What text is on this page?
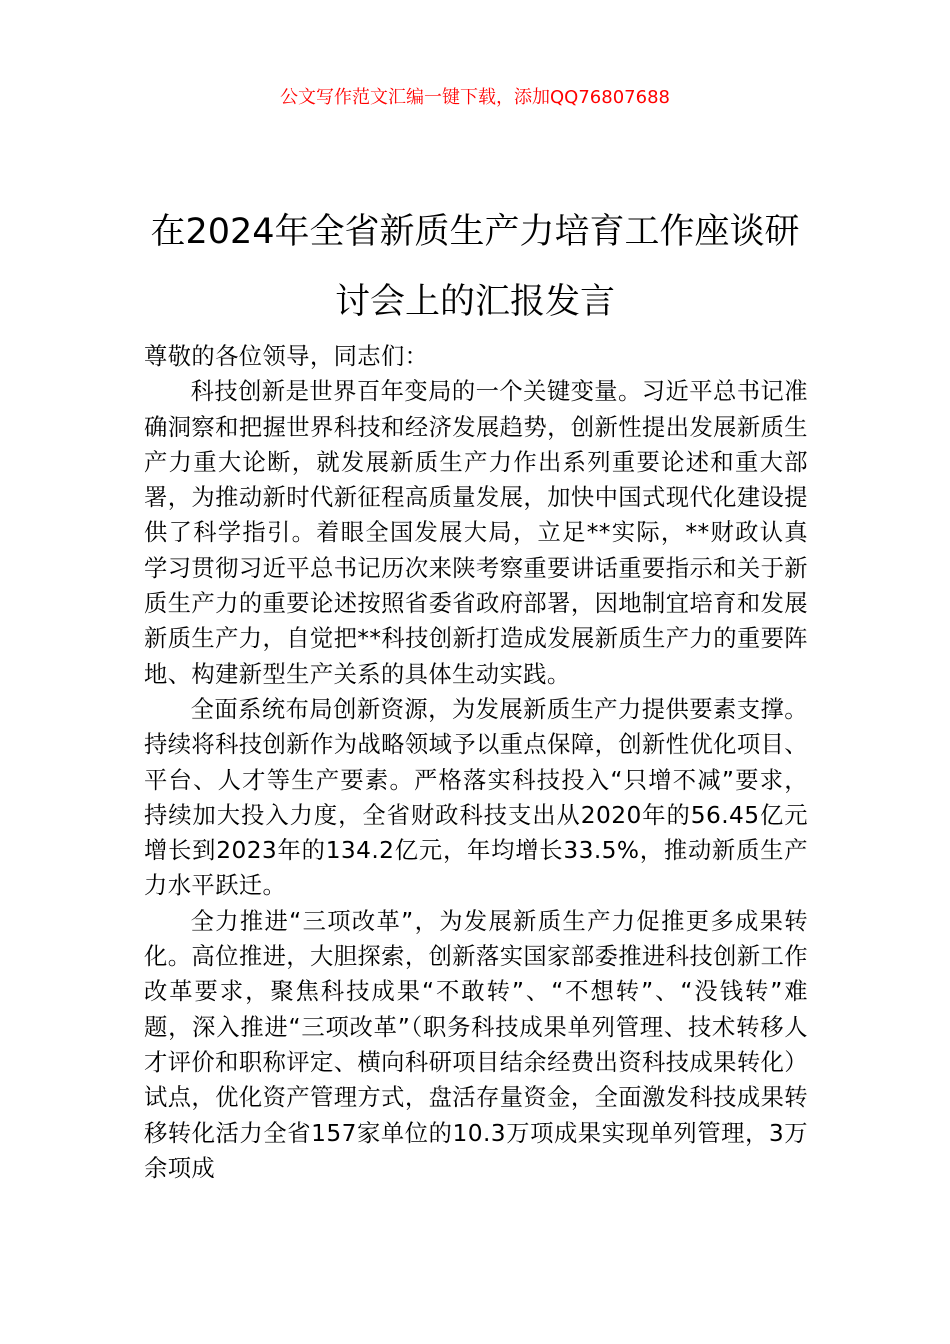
公文写作范文汇编一键下载，添加QQ76807688
在2024年全省新质生产力培育工作座谈研讨会上的汇报发言

尊敬的各位领导，同志们：

科技创新是世界百年变局的一个关键变量。习近平总书记准确洞察和把握世界科技和经济发展趋势，创新性提出发展新质生产力重大论断，就发展新质生产力作出系列重要论述和重大部署，为推动新时代新征程高质量发展，加快中国式现代化建设提供了科学指引。着眼全国发展大局，立足**实际，**财政认真学习贯彻习近平总书记历次来陕考察重要讲话重要指示和关于新质生产力的重要论述按照省委省政府部署，因地制宜培育和发展新质生产力，自觉把**科技创新打造成发展新质生产力的重要阵地、构建新型生产关系的具体生动实践。

全面系统布局创新资源，为发展新质生产力提供要素支撑。持续将科技创新作为战略领域予以重点保障，创新性优化项目、平台、人才等生产要素。严格落实科技投入“只增不减”要求，持续加大投入力度，全省财政科技支出从2020年的56.45亿元增长到2023年的134.2亿元，年均增长33.5%，推动新质生产力水平跃迁。

全力推进“三项改革”，为发展新质生产力促推更多成果转化。高位推进，大胆探索，创新落实国家部委推进科技创新工作改革要求，聚焦科技成果“不敢转”、“不想转”、“没钱转”难题，深入推进“三项改革”（职务科技成果单列管理、技术转移人才评价和职称评定、横向科研项目结余经费出资科技成果转化）试点，优化资产管理方式，盘活存量资金，全面激发科技成果转移转化活力全省157家单位的10.3万项成果实现单列管理，3万余项成
